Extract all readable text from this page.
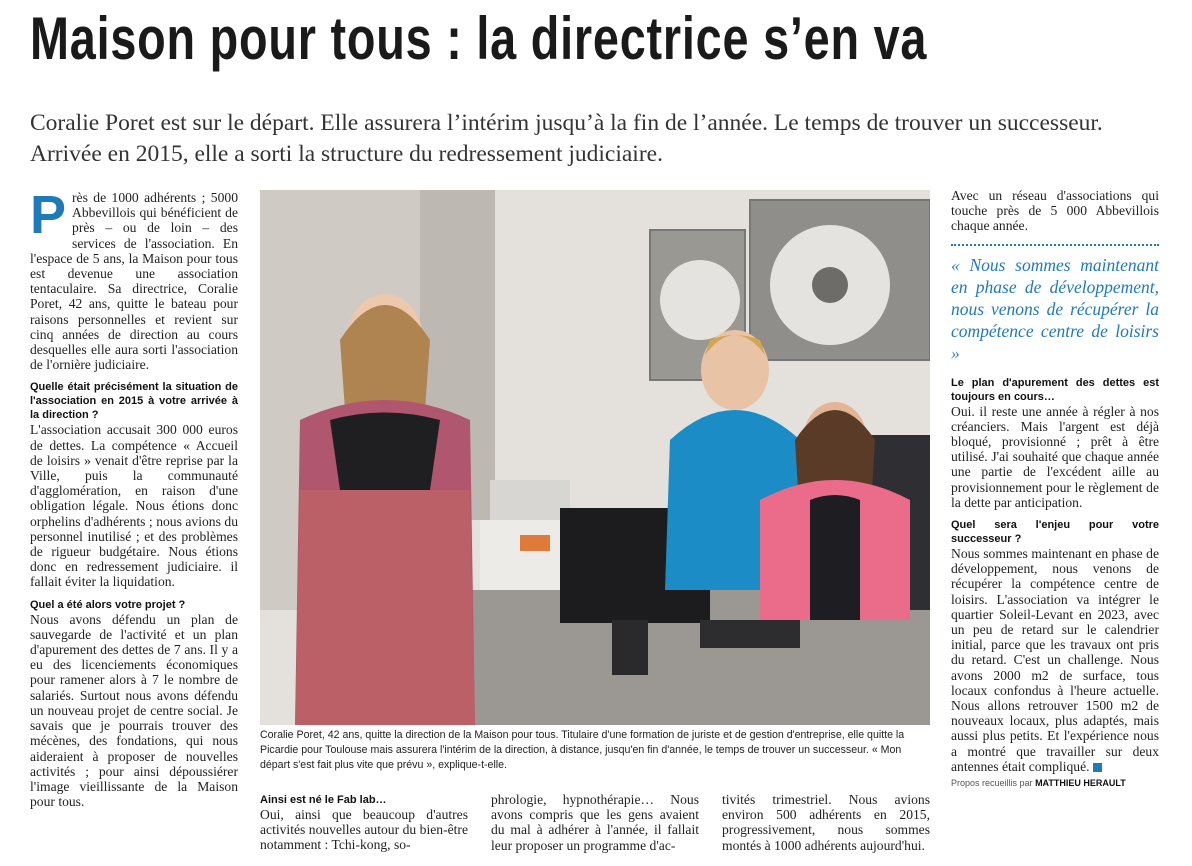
Maison pour tous : la directrice s’en va
Coralie Poret est sur le départ. Elle assurera l’intérim jusqu’à la fin de l’année. Le temps de trouver un successeur. Arrivée en 2015, elle a sorti la structure du redressement judiciaire.

Près de 1000 adhérents ; 5000 Abbevillois qui bénéficient de près – ou de loin – des services de l'association. En l'espace de 5 ans, la Maison pour tous est devenue une association tentaculaire. Sa directrice, Coralie Poret, 42 ans, quitte le bateau pour raisons personnelles et revient sur cinq années de direction au cours desquelles elle aura sorti l'association de l'ornière judiciaire.

Quelle était précisément la situation de l'association en 2015 à votre arrivée à la direction ?

L'association accusait 300 000 euros de dettes. La compétence « Accueil de loisirs » venait d'être reprise par la Ville, puis la communauté d'agglomération, en raison d'une obligation légale. Nous étions donc orphelins d'adhérents ; nous avions du personnel inutilisé ; et des problèmes de rigueur budgétaire. Nous étions donc en redressement judiciaire. il fallait éviter la liquidation.

Quel a été alors votre projet ?

Nous avons défendu un plan de sauvegarde de l'activité et un plan d'apurement des dettes de 7 ans. Il y a eu des licenciements économiques pour ramener alors à 7 le nombre de salariés. Surtout nous avons défendu un nouveau projet de centre social. Je savais que je pourrais trouver des mécènes, des fondations, qui nous aideraient à proposer de nouvelles activités ; pour ainsi dépoussiérer l'image vieillissante de la Maison pour tous.

Coralie Poret, 42 ans, quitte la direction de la Maison pour tous. Titulaire d'une formation de juriste et de gestion d'entreprise, elle quitte la Picardie pour Toulouse mais assurera l'intérim de la direction, à distance, jusqu'en fin d'année, le temps de trouver un successeur. « Mon départ s'est fait plus vite que prévu », explique-t-elle.

Ainsi est né le Fab lab…

Oui, ainsi que beaucoup d'autres activités nouvelles autour du bien-être notamment : Tchi-kong, so-

phrologie, hypnothérapie… Nous avons compris que les gens avaient du mal à adhérer à l'année, il fallait leur proposer un programme d'ac-

tivités trimestriel. Nous avions environ 500 adhérents en 2015, progressivement, nous sommes montés à 1000 adhérents aujourd'hui.

Avec un réseau d'associations qui touche près de 5 000 Abbevillois chaque année.

« Nous sommes maintenant en phase de développement, nous venons de récupérer la compétence centre de loisirs »

Le plan d'apurement des dettes est toujours en cours…

Oui. il reste une année à régler à nos créanciers. Mais l'argent est déjà bloqué, provisionné ; prêt à être utilisé. J'ai souhaité que chaque année une partie de l'excédent aille au provisionnement pour le règlement de la dette par anticipation.

Quel sera l'enjeu pour votre successeur ?

Nous sommes maintenant en phase de développement, nous venons de récupérer la compétence centre de loisirs. L'association va intégrer le quartier Soleil-Levant en 2023, avec un peu de retard sur le calendrier initial, parce que les travaux ont pris du retard. C'est un challenge. Nous avons 2000 m2 de surface, tous locaux confondus à l'heure actuelle. Nous allons retrouver 1500 m2 de nouveaux locaux, plus adaptés, mais aussi plus petits. Et l'expérience nous a montré que travailler sur deux antennes était compliqué.

Propos recueillis par MATTHIEU HERAULT
